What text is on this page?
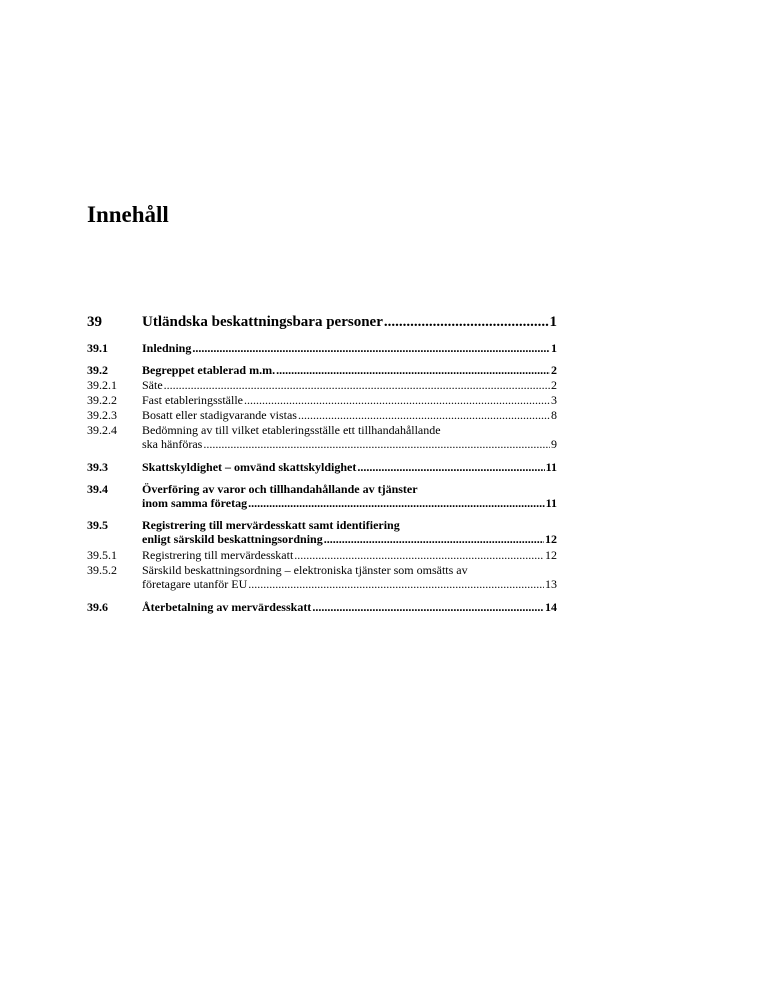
Innehåll
39	Utländska beskattningsbara personer .....	1
39.1	Inledning .....	1
39.2	Begreppet etablerad m.m. .....	2
39.2.1 Säte .....	2
39.2.2 Fast etableringsställe .....	3
39.2.3 Bosatt eller stadigvarande vistas .....	8
39.2.4 Bedömning av till vilket etableringsställe ett tillhandahållande
ska hänföras .....	9
39.3	Skattskyldighet – omvänd skattskyldighet .....	11
39.4	Överföring av varor och tillhandahållande av tjänster
inom samma företag .....	11
39.5	Registrering till mervärdesskatt samt identifiering
enligt särskild beskattningsordning .....	12
39.5.1 Registrering till mervärdesskatt .....	12
39.5.2 Särskild beskattningsordning – elektroniska tjänster som omsätts av
företagare utanför EU .....	13
39.6	Återbetalning av mervärdesskatt .....	14
